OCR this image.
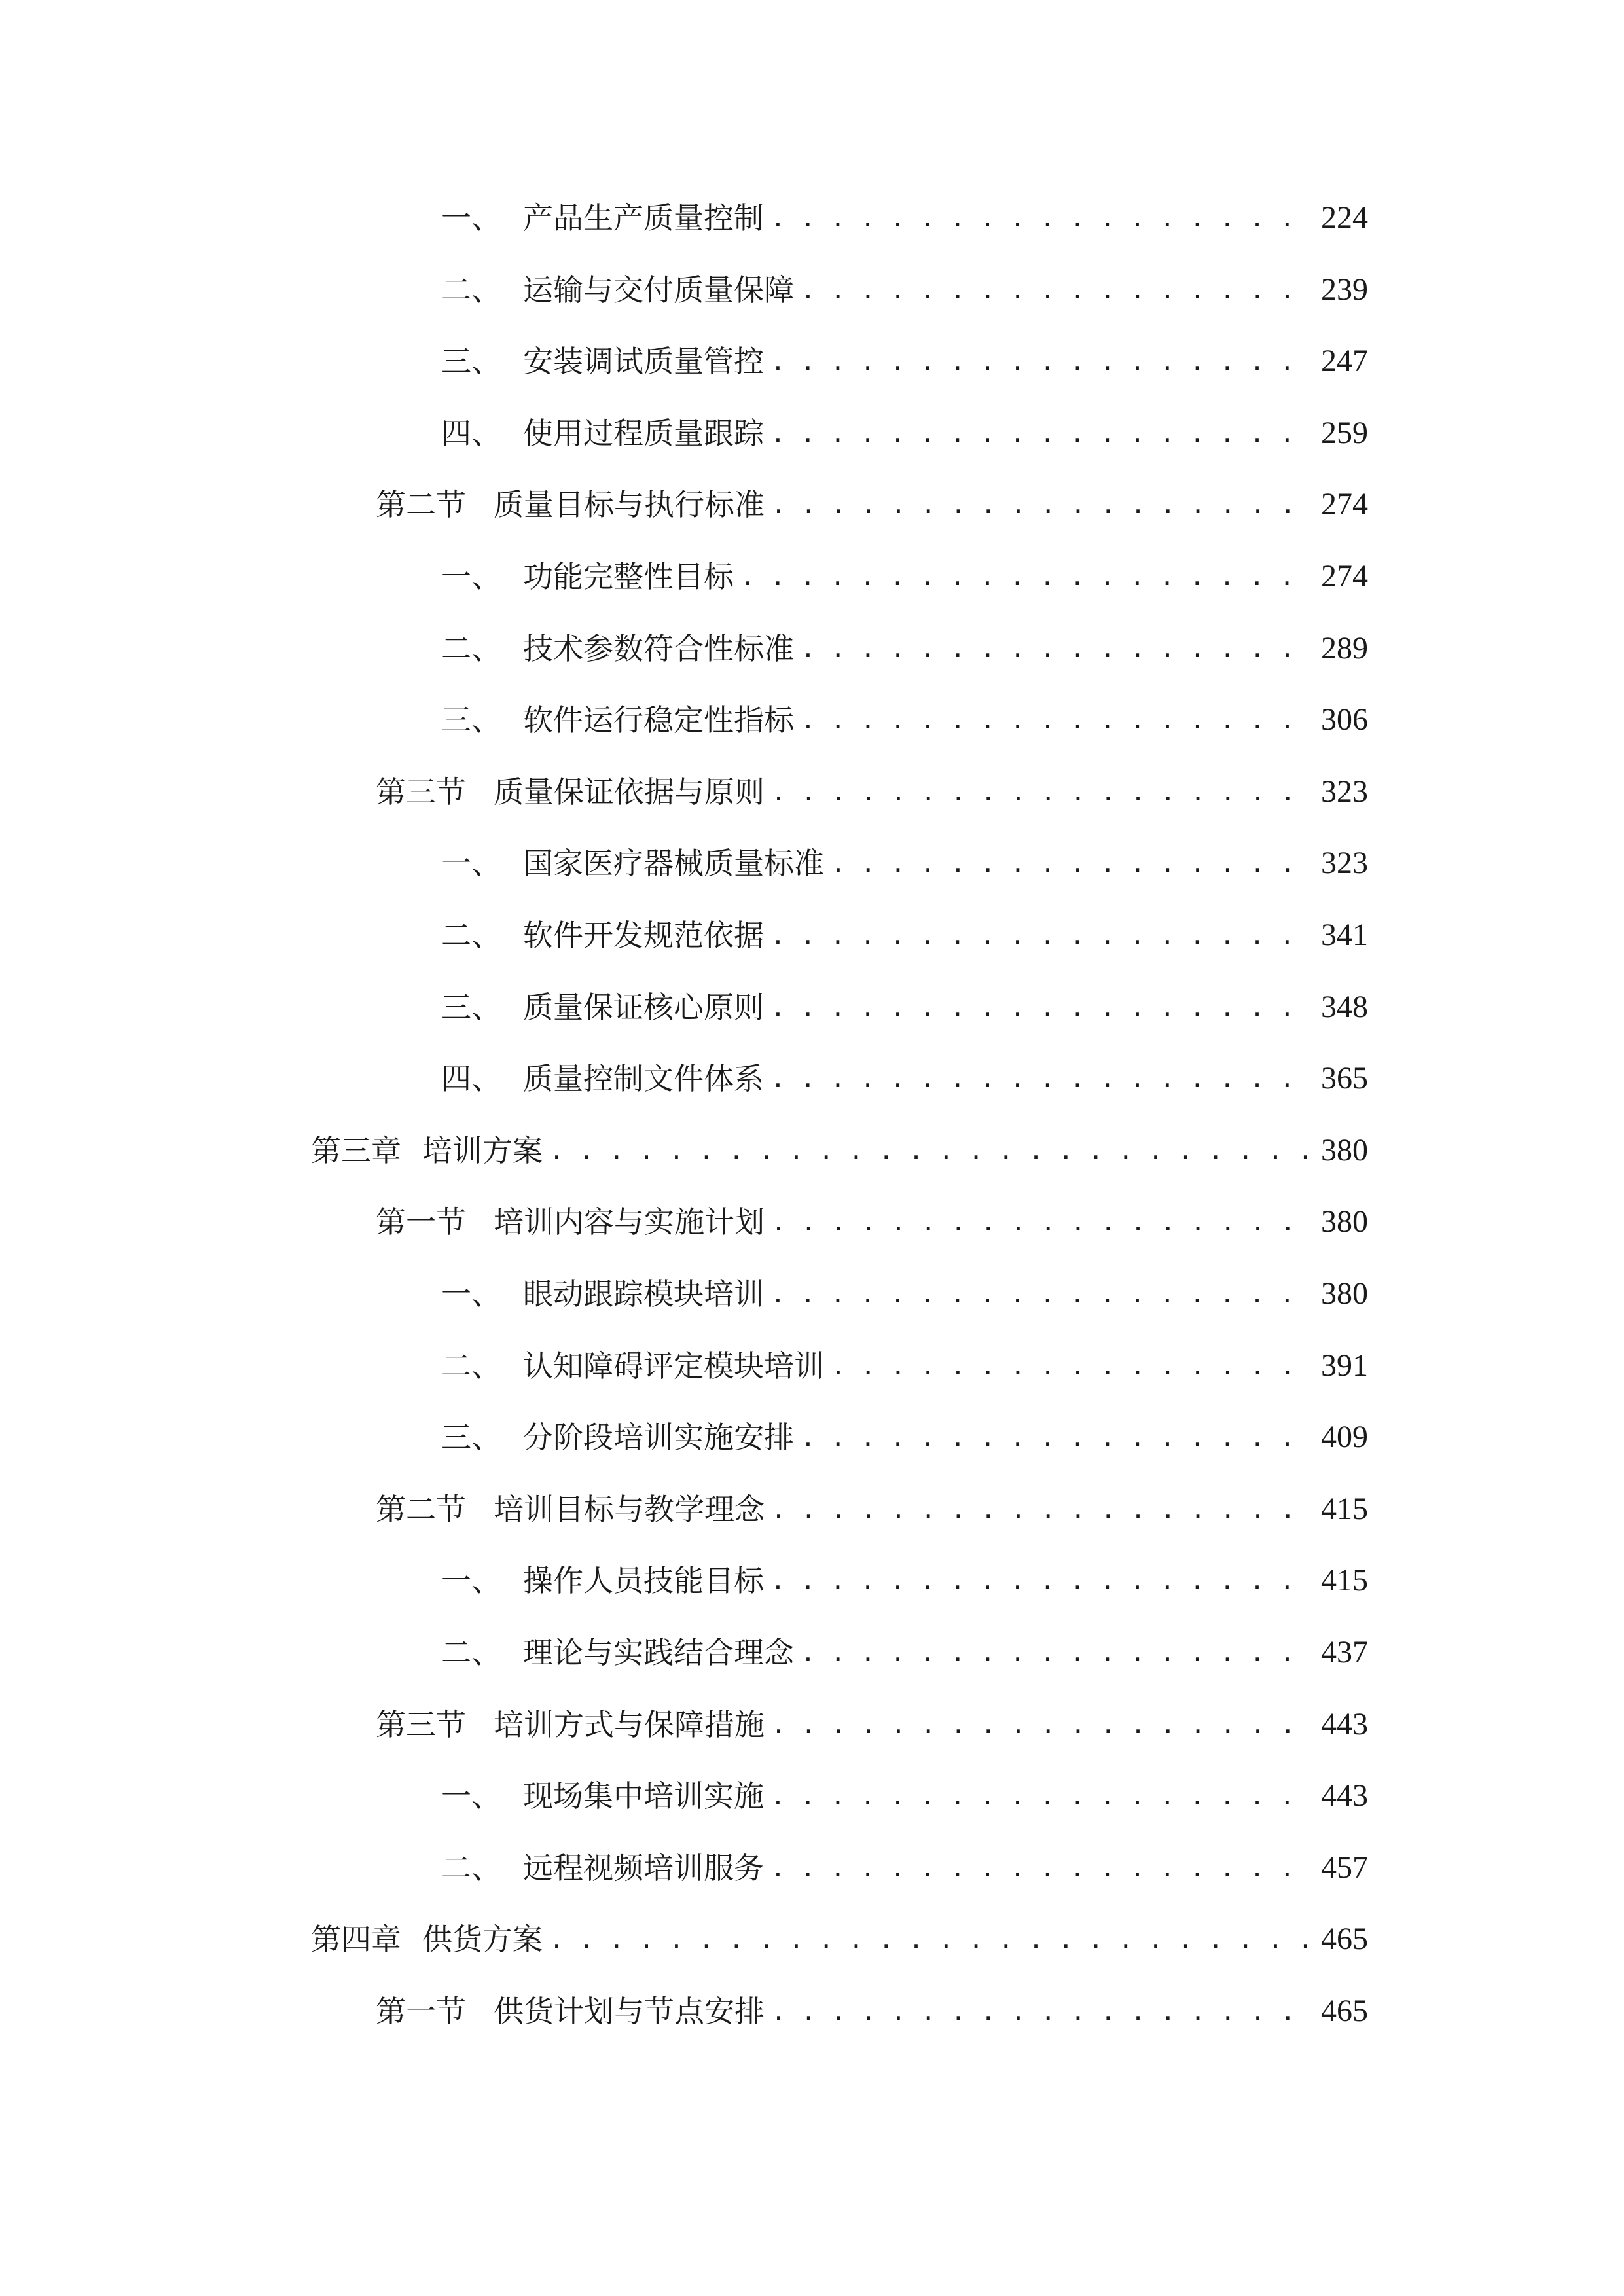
一、 产品生产质量控制 . . .	224
二、 运输与交付质量保障 . . .	239
三、 安装调试质量管控 . . .	247
四、 使用过程质量跟踪 . . .	259
第二节 质量目标与执行标准 . . .	274
一、 功能完整性目标 . . .	274
二、 技术参数符合性标准 . . .	289
三、 软件运行稳定性指标 . . .	306
第三节 质量保证依据与原则 . . .	323
一、 国家医疗器械质量标准 . . .	323
二、 软件开发规范依据 . . .	341
三、 质量保证核心原则 . . .	348
四、 质量控制文件体系 . . .	365
第三章 培训方案 . . .	380
第一节 培训内容与实施计划 . . .	380
一、 眼动跟踪模块培训 . . .	380
二、 认知障碍评定模块培训 . . .	391
三、 分阶段培训实施安排 . . .	409
第二节 培训目标与教学理念 . . .	415
一、 操作人员技能目标 . . .	415
二、 理论与实践结合理念 . . .	437
第三节 培训方式与保障措施 . . .	443
一、 现场集中培训实施 . . .	443
二、 远程视频培训服务 . . .	457
第四章 供货方案 . . .	465
第一节 供货计划与节点安排 . . .	465
